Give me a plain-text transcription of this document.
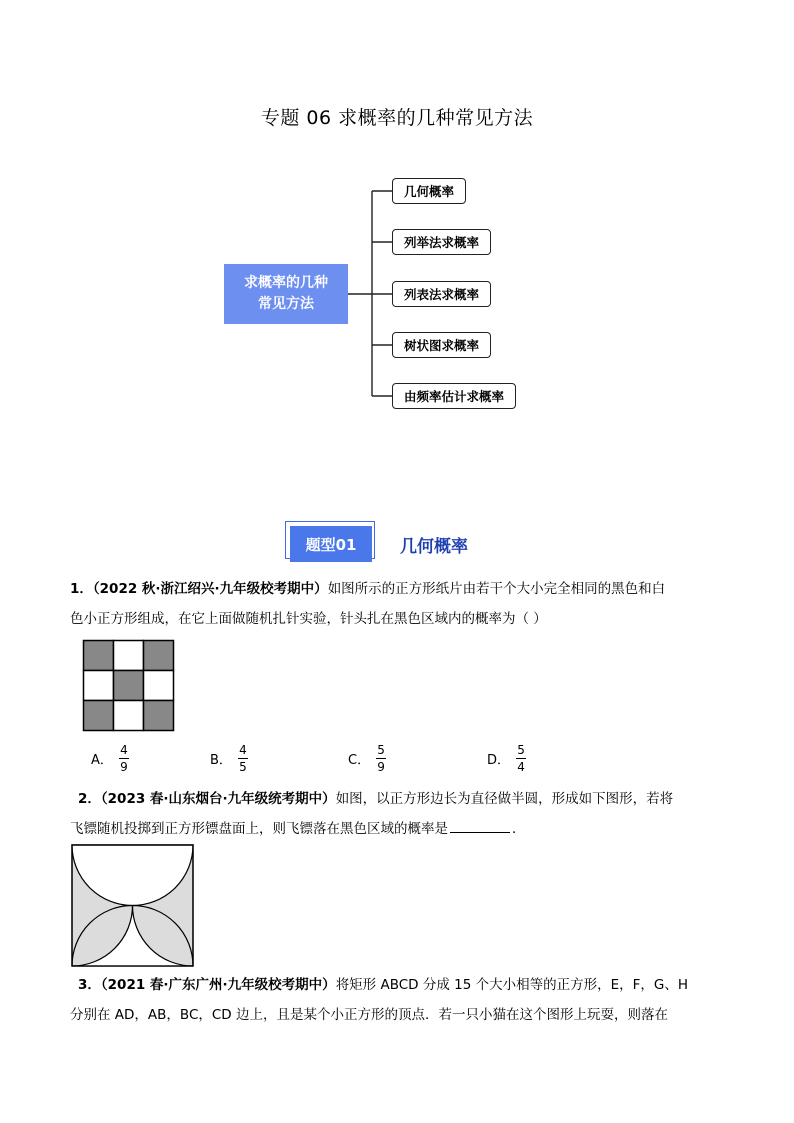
专题 06 求概率的几种常见方法
求概率的几种
常见方法
几何概率
列举法求概率
列表法求概率
树状图求概率
由频率估计求概率
题型01	几何概率
1．（2022 秋·浙江绍兴·九年级校考期中）如图所示的正方形纸片由若干个大小完全相同的黑色和白
色小正方形组成，在它上面做随机扎针实验，针头扎在黑色区域内的概率为（ ）
A． $\frac{4}{9}$	B． $\frac{4}{5}$	C． $\frac{5}{9}$	D． $\frac{5}{4}$
2．（2023 春·山东烟台·九年级统考期中）如图，以正方形边长为直径做半圆，形成如下图形，若将
飞镖随机投掷到正方形镖盘面上，则飞镖落在黑色区域的概率是	．
3．（2021 春·广东广州·九年级校考期中）将矩形 ABCD 分成 15 个大小相等的正方形，E，F，G、H
分别在 AD，AB，BC，CD 边上，且是某个小正方形的顶点．若一只小猫在这个图形上玩耍，则落在
